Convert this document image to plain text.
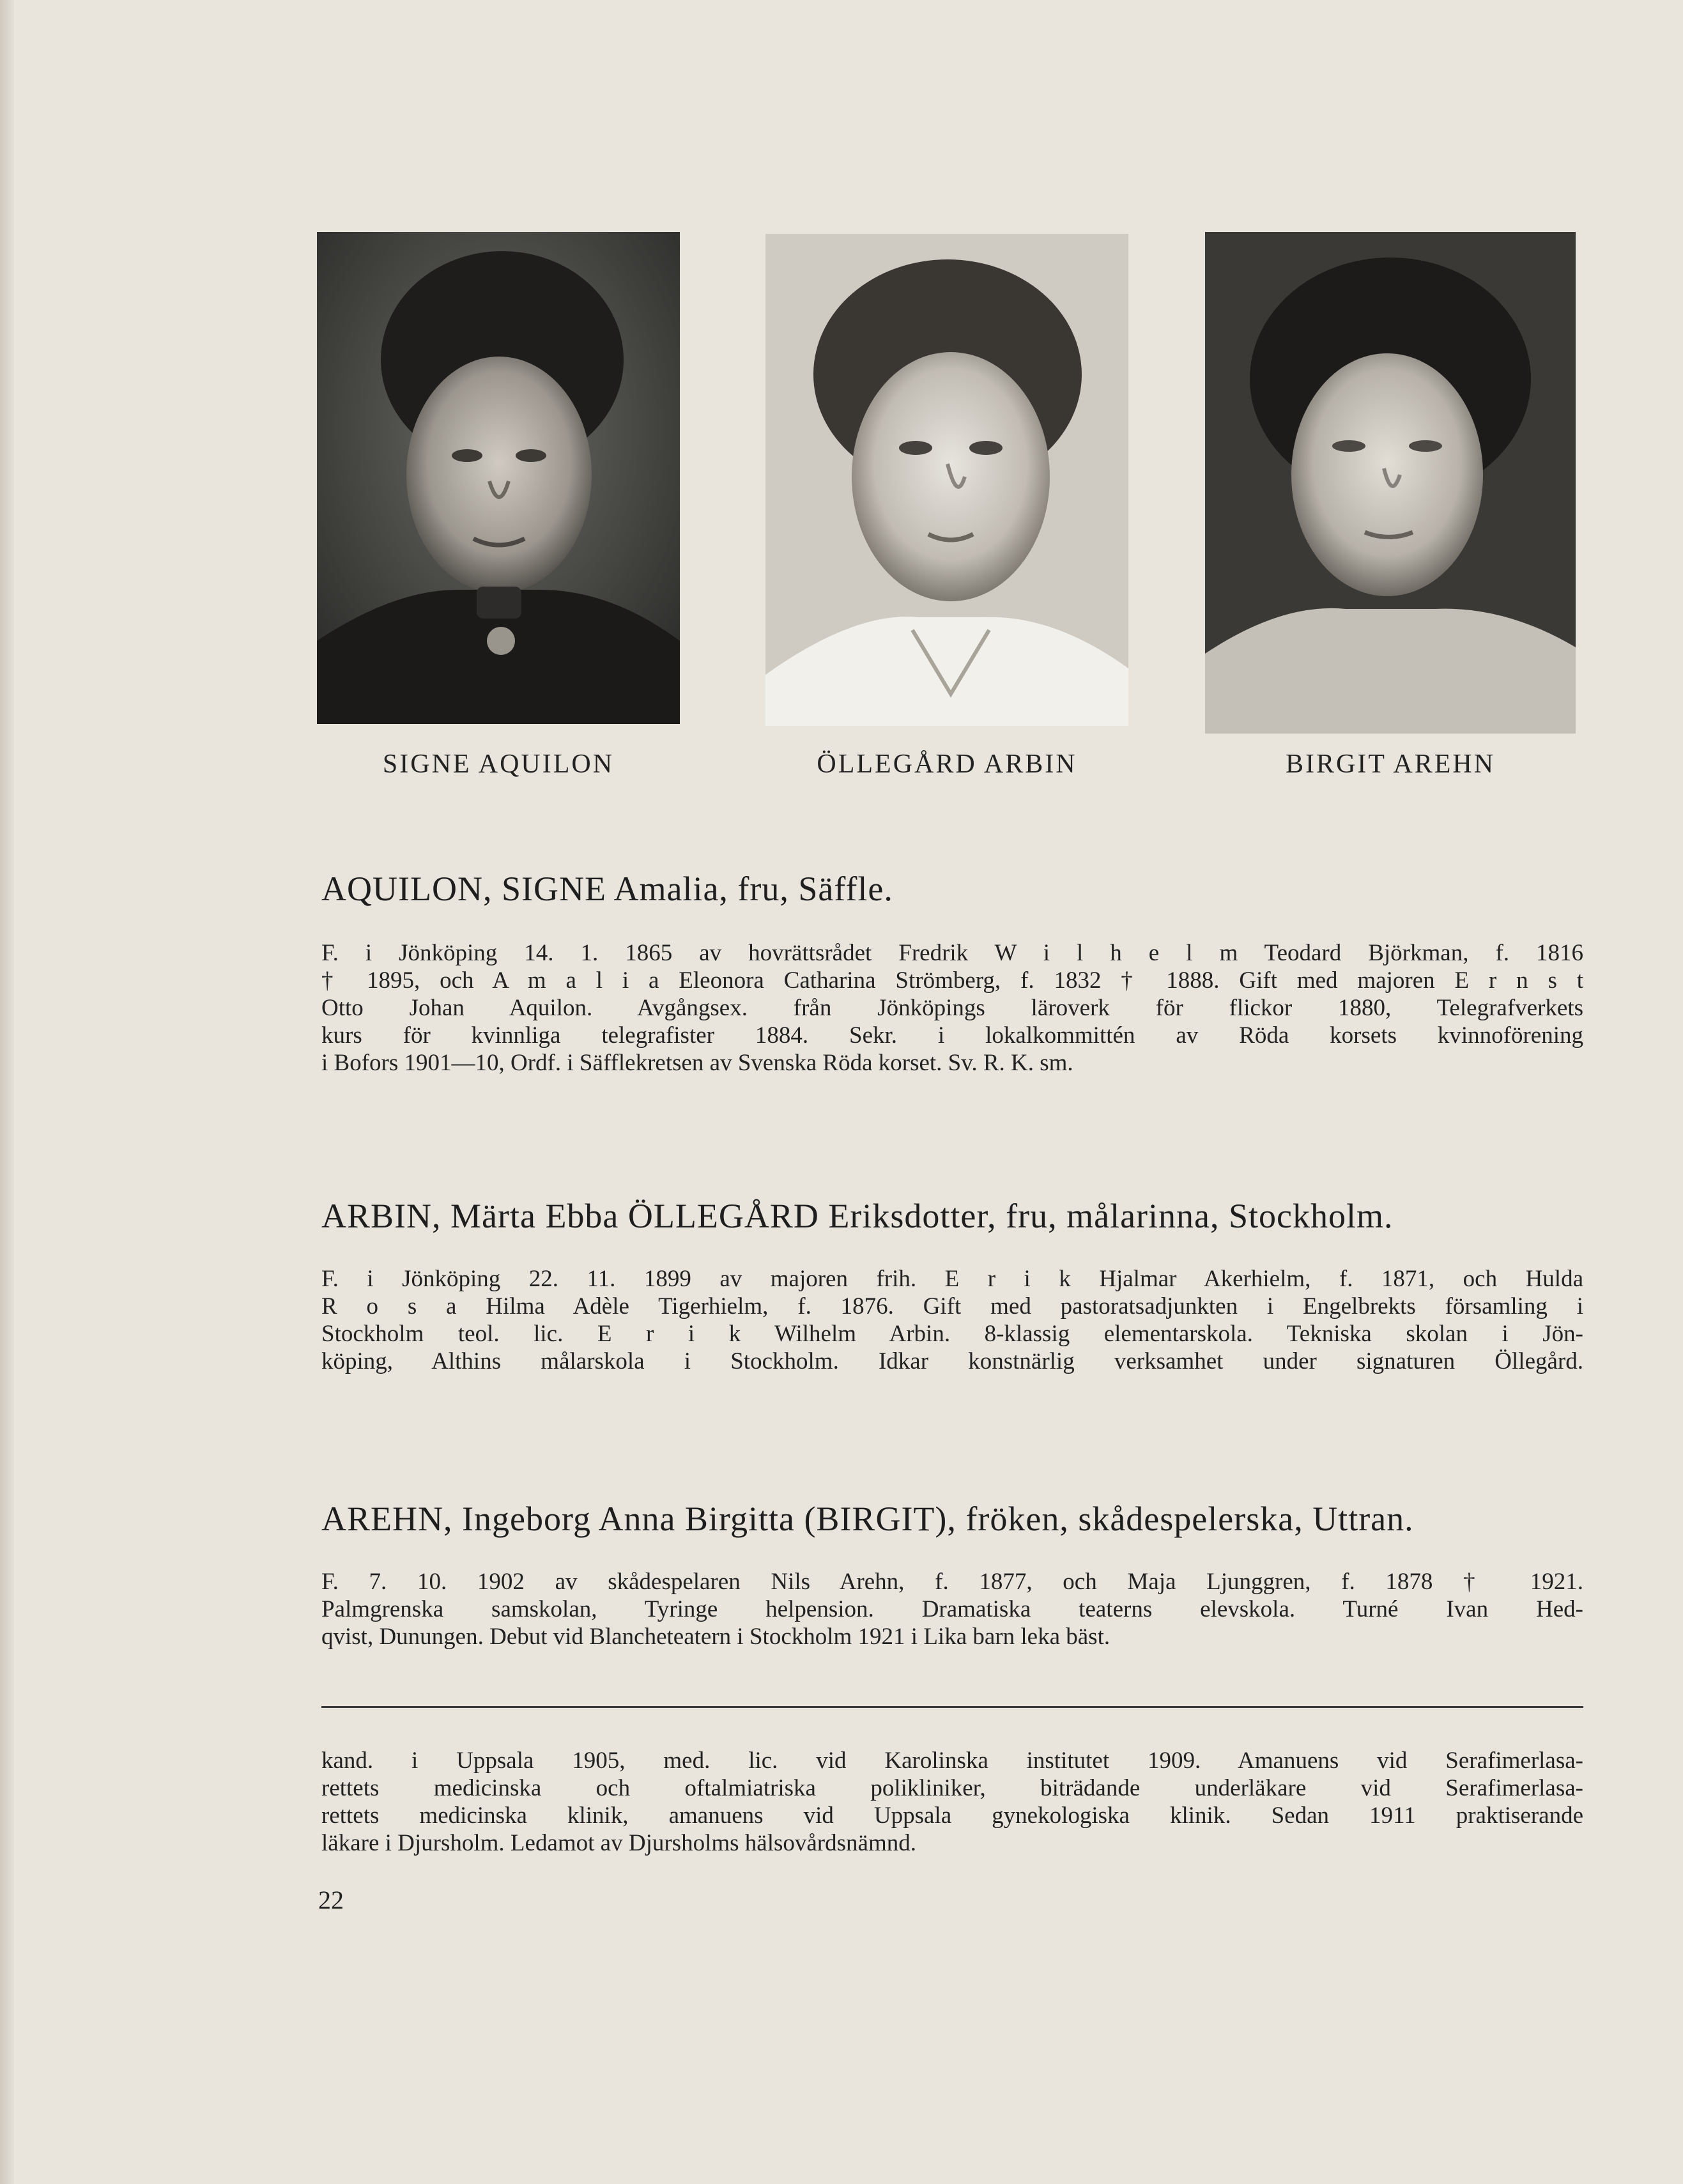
SIGNE AQUILON	ÖLLEGÅRD ARBIN	BIRGIT AREHN
AQUILON, SIGNE Amalia, fru, Säffle.
F. i Jönköping 14. 1. 1865 av hovrättsrådet Fredrik W i l h e l m Teodard Björkman, f. 1816
† 1895, och A m a l i a Eleonora Catharina Strömberg, f. 1832 † 1888. Gift med majoren E r n s t
Otto Johan Aquilon. Avgångsex. från Jönköpings läroverk för flickor 1880, Telegrafverkets
kurs för kvinnliga telegrafister 1884. Sekr. i lokalkommittén av Röda korsets kvinnoförening
i Bofors 1901—10, Ordf. i Säfflekretsen av Svenska Röda korset. Sv. R. K. sm.
ARBIN, Märta Ebba ÖLLEGÅRD Eriksdotter, fru, målarinna, Stockholm.
F. i Jönköping 22. 11. 1899 av majoren frih. E r i k Hjalmar Akerhielm, f. 1871, och Hulda
R o s a Hilma Adèle Tigerhielm, f. 1876. Gift med pastoratsadjunkten i Engelbrekts församling i
Stockholm teol. lic. E r i k Wilhelm Arbin. 8-klassig elementarskola. Tekniska skolan i Jön-
köping, Althins målarskola i Stockholm. Idkar konstnärlig verksamhet under signaturen Öllegård.
AREHN, Ingeborg Anna Birgitta (BIRGIT), fröken, skådespelerska, Uttran.
F. 7. 10. 1902 av skådespelaren Nils Arehn, f. 1877, och Maja Ljunggren, f. 1878 † 1921.
Palmgrenska samskolan, Tyringe helpension. Dramatiska teaterns elevskola. Turné Ivan Hed-
qvist, Dunungen. Debut vid Blancheteatern i Stockholm 1921 i Lika barn leka bäst.
kand. i Uppsala 1905, med. lic. vid Karolinska institutet 1909. Amanuens vid Serafimerlasa-
rettets medicinska och oftalmiatriska polikliniker, biträdande underläkare vid Serafimerlasa-
rettets medicinska klinik, amanuens vid Uppsala gynekologiska klinik. Sedan 1911 praktiserande
läkare i Djursholm. Ledamot av Djursholms hälsovårdsnämnd.
22
